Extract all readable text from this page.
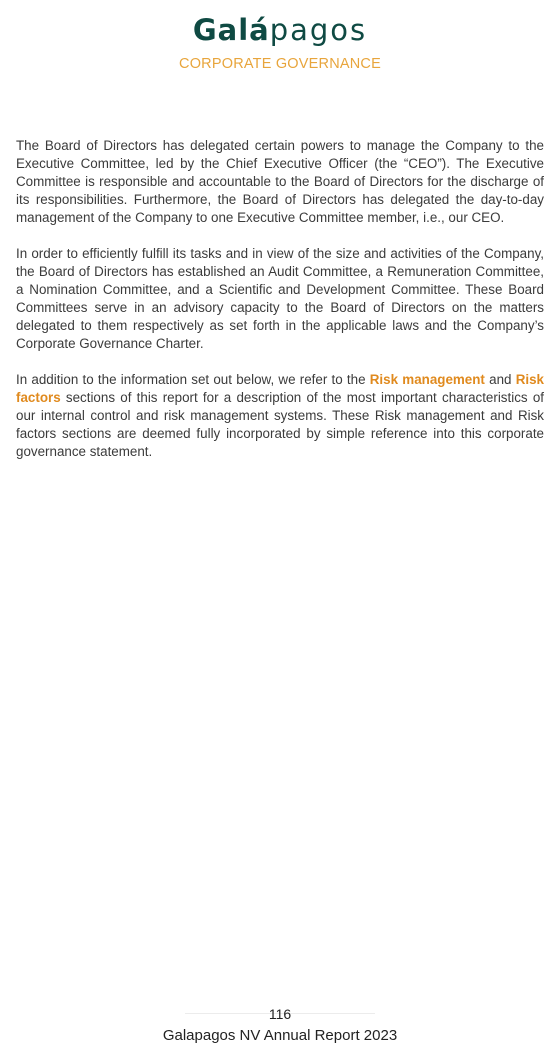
Galápagos
CORPORATE GOVERNANCE

The Board of Directors has delegated certain powers to manage the Company to the Executive Committee, led by the Chief Executive Officer (the “CEO”). The Executive Committee is responsible and accountable to the Board of Directors for the discharge of its responsibilities. Furthermore, the Board of Directors has delegated the day-to-day management of the Company to one Executive Committee member, i.e., our CEO.

In order to efficiently fulfill its tasks and in view of the size and activities of the Company, the Board of Directors has established an Audit Committee, a Remuneration Committee, a Nomination Committee, and a Scientific and Development Committee. These Board Committees serve in an advisory capacity to the Board of Directors on the matters delegated to them respectively as set forth in the applicable laws and the Company’s Corporate Governance Charter.

In addition to the information set out below, we refer to the Risk management and Risk factors sections of this report for a description of the most important characteristics of our internal control and risk management systems. These Risk management and Risk factors sections are deemed fully incorporated by simple reference into this corporate governance statement.

116
Galapagos NV Annual Report 2023
